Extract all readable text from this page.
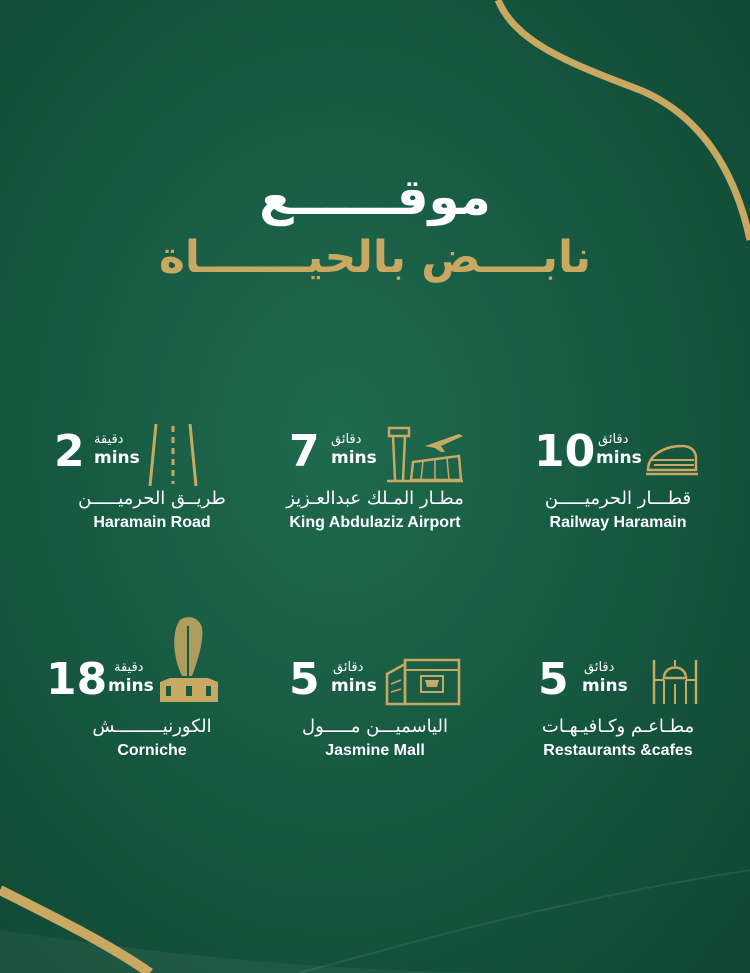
موقــــــع
نابــــض بالحيـــــــاة
2 دقيقة
mins
طريــق الحرميـــــن
Haramain Road
7 دقائق
mins
مطـار المـلك عبدالعـزيز
King Abdulaziz Airport
10 دقائق
mins
قطـــار الحرميـــــن
Railway Haramain
18 دقيقة
mins
الكورنيـــــــــش
Corniche
5 دقائق
mins
الياسميـــن مـــــول
Jasmine Mall
5 دقائق
mins
مطـاعـم وكـافيـهـات
Restaurants &cafes
